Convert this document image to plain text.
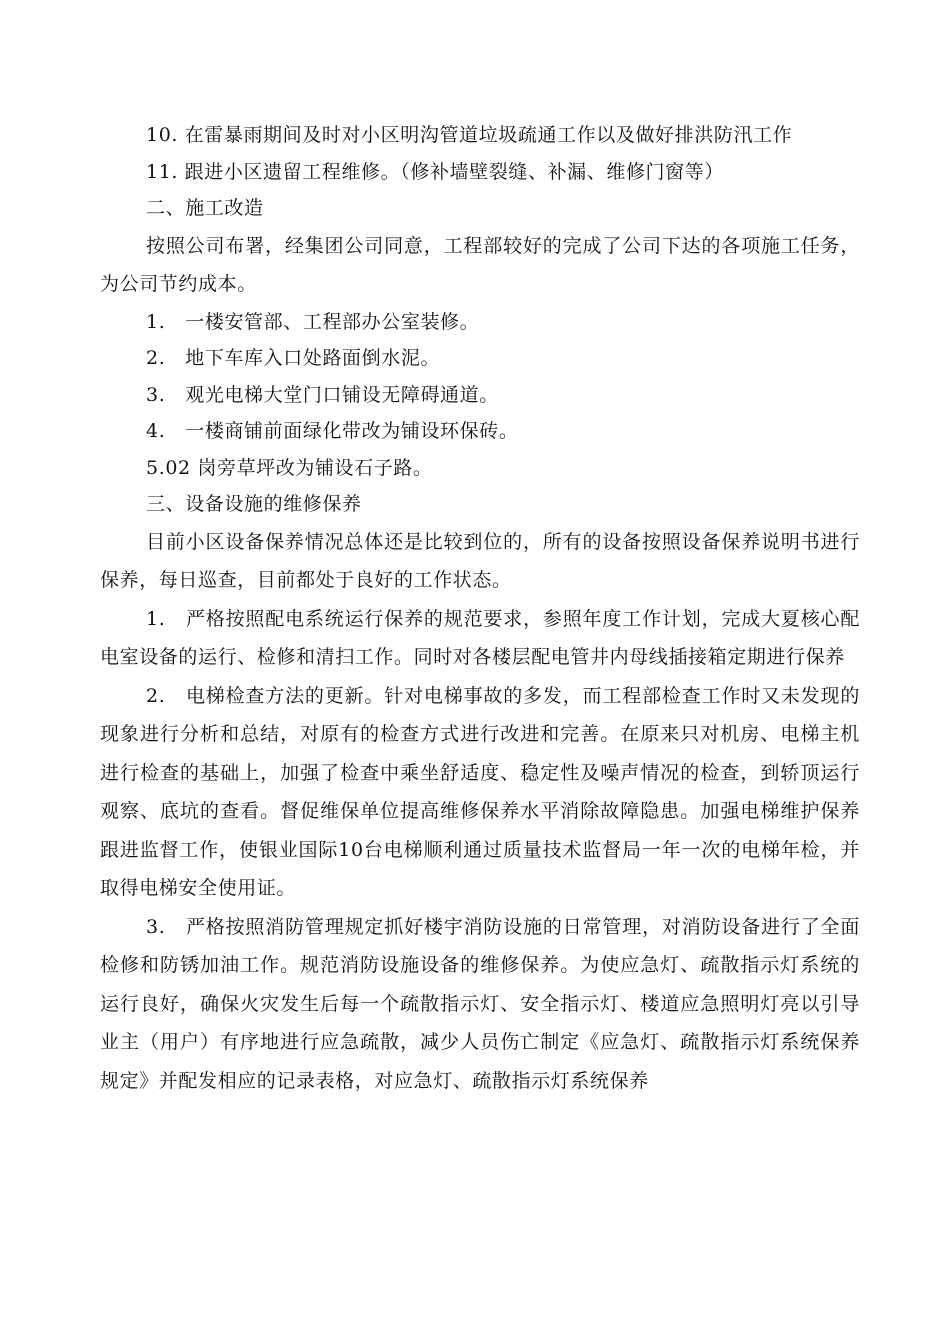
10. 在雷暴雨期间及时对小区明沟管道垃圾疏通工作以及做好排洪防汛工作
11. 跟进小区遗留工程维修。（修补墙壁裂缝、补漏、维修门窗等）
二、施工改造

按照公司布署，经集团公司同意，工程部较好的完成了公司下达的各项施工任务，为公司节约成本。

1.   一楼安管部、工程部办公室装修。
2.   地下车库入口处路面倒水泥。
3.   观光电梯大堂门口铺设无障碍通道。
4.   一楼商铺前面绿化带改为铺设环保砖。
5.02 岗旁草坪改为铺设石子路。
三、设备设施的维修保养

目前小区设备保养情况总体还是比较到位的，所有的设备按照设备保养说明书进行保养，每日巡查，目前都处于良好的工作状态。

1.   严格按照配电系统运行保养的规范要求，参照年度工作计划，完成大夏核心配电室设备的运行、检修和清扫工作。同时对各楼层配电管井内母线插接箱定期进行保养

2.   电梯检查方法的更新。针对电梯事故的多发，而工程部检查工作时又未发现的现象进行分析和总结，对原有的检查方式进行改进和完善。在原来只对机房、电梯主机进行检查的基础上，加强了检查中乘坐舒适度、稳定性及噪声情况的检查，到轿顶运行观察、底坑的查看。督促维保单位提高维修保养水平消除故障隐患。加强电梯维护保养跟进监督工作，使银业国际10台电梯顺利通过质量技术监督局一年一次的电梯年检，并取得电梯安全使用证。

3.   严格按照消防管理规定抓好楼宇消防设施的日常管理，对消防设备进行了全面检修和防锈加油工作。规范消防设施设备的维修保养。为使应急灯、疏散指示灯系统的运行良好，确保火灾发生后每一个疏散指示灯、安全指示灯、楼道应急照明灯亮以引导业主（用户）有序地进行应急疏散，减少人员伤亡制定《应急灯、疏散指示灯系统保养规定》并配发相应的记录表格，对应急灯、疏散指示灯系统保养
